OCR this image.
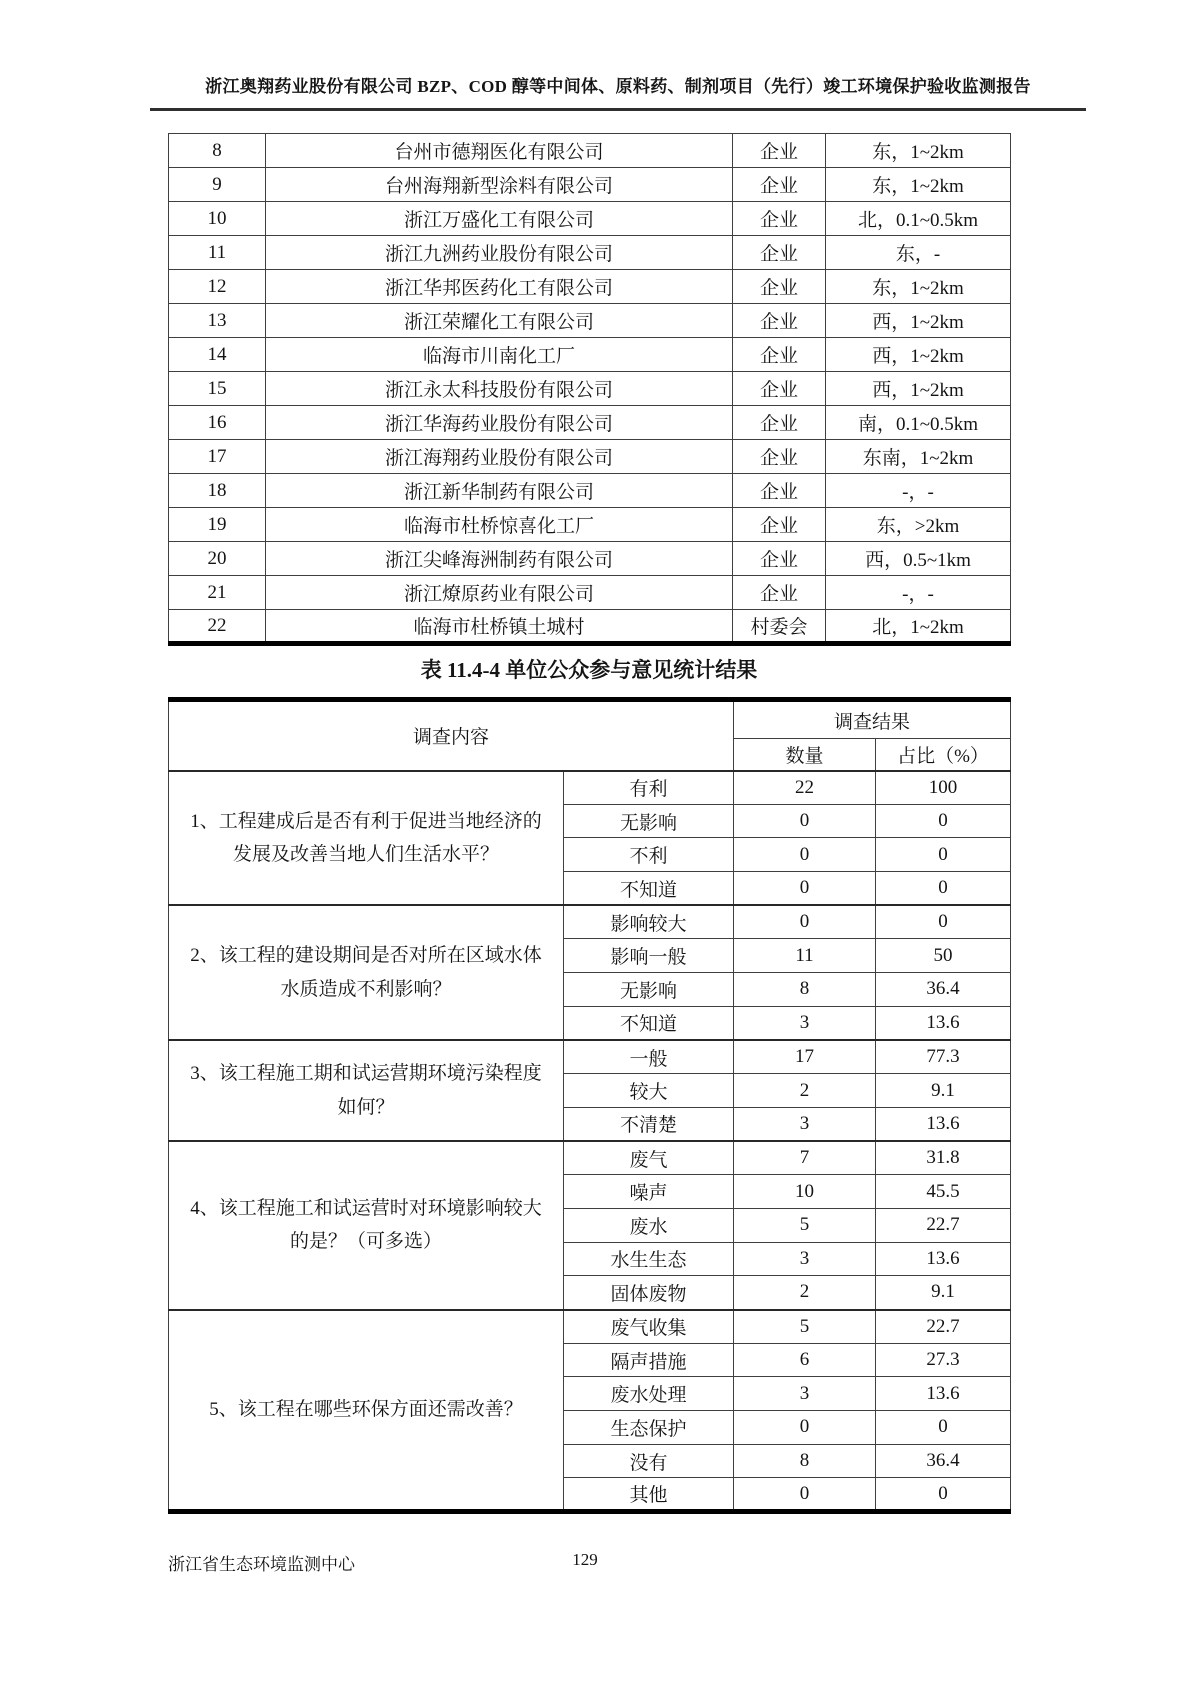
浙江奥翔药业股份有限公司 BZP、COD 醇等中间体、原料药、制剂项目（先行）竣工环境保护验收监测报告
8	台州市德翔医化有限公司	企业	东，1~2km
9	台州海翔新型涂料有限公司	企业	东，1~2km
10	浙江万盛化工有限公司	企业	北，0.1~0.5km
11	浙江九洲药业股份有限公司	企业	东，-
12	浙江华邦医药化工有限公司	企业	东，1~2km
13	浙江荣耀化工有限公司	企业	西，1~2km
14	临海市川南化工厂	企业	西，1~2km
15	浙江永太科技股份有限公司	企业	西，1~2km
16	浙江华海药业股份有限公司	企业	南，0.1~0.5km
17	浙江海翔药业股份有限公司	企业	东南，1~2km
18	浙江新华制药有限公司	企业	-，-
19	临海市杜桥惊喜化工厂	企业	东，>2km
20	浙江尖峰海洲制药有限公司	企业	西，0.5~1km
21	浙江燎原药业有限公司	企业	-，-
22	临海市杜桥镇土城村	村委会	北，1~2km
表 11.4-4 单位公众参与意见统计结果
调查内容		调查结果	
		数量	占比（%）
1、工程建成后是否有利于促进当地经济的发展及改善当地人们生活水平？	有利	22	100
	无影响	0	0
	不利	0	0
	不知道	0	0
2、该工程的建设期间是否对所在区域水体水质造成不利影响？	影响较大	0	0
	影响一般	11	50
	无影响	8	36.4
	不知道	3	13.6
3、该工程施工期和试运营期环境污染程度如何？	一般	17	77.3
	较大	2	9.1
	不清楚	3	13.6
4、该工程施工和试运营时对环境影响较大的是？（可多选）	废气	7	31.8
	噪声	10	45.5
	废水	5	22.7
	水生生态	3	13.6
	固体废物	2	9.1
5、该工程在哪些环保方面还需改善？	废气收集	5	22.7
	隔声措施	6	27.3
	废水处理	3	13.6
	生态保护	0	0
	没有	8	36.4
	其他	0	0
浙江省生态环境监测中心	129
